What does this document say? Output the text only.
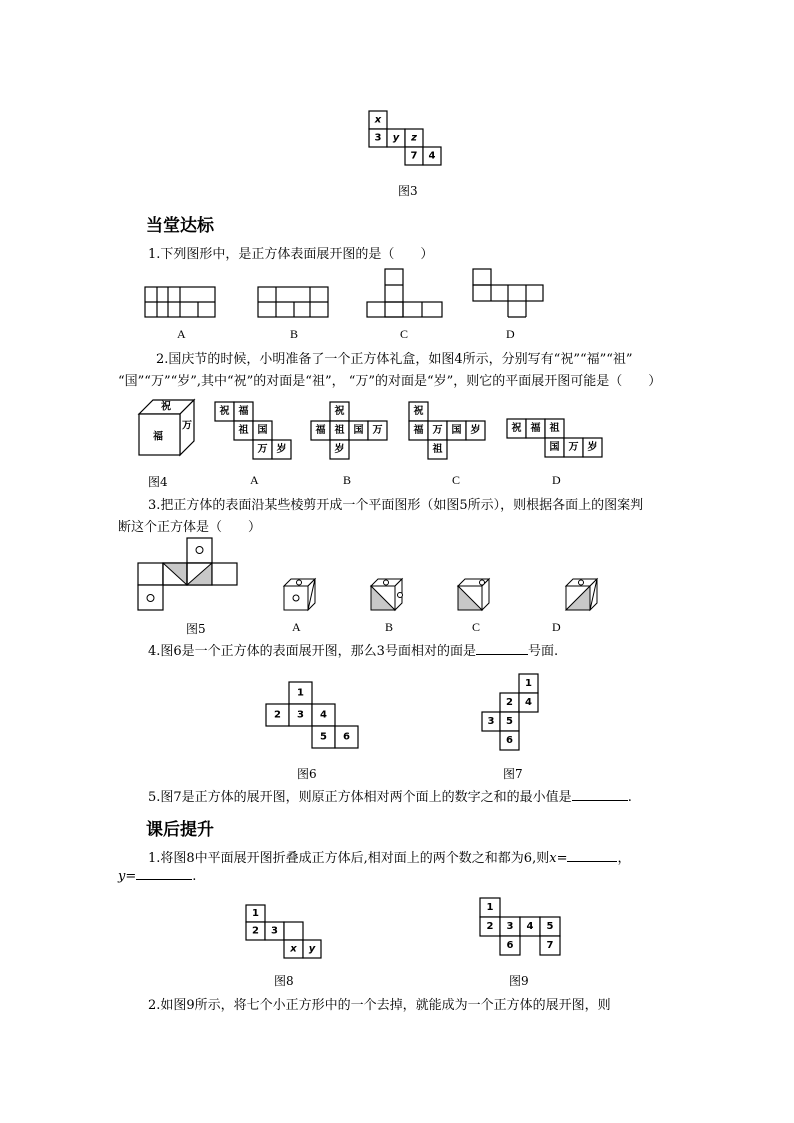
x
3 y z
7 4
图3
当堂达标
1.下列图形中，是正方体表面展开图的是（　　）
A	B	C	D
2.国庆节的时候，小明准备了一个正方体礼盒，如图4所示，分别写有“祝”“福”“祖”
“国”“万”“岁”,其中“祝”的对面是“祖”， “万”的对面是“岁”，则它的平面展开图可能是（　　）
祝
福
万
祝 福
祖 国
万 岁
祝
福 祖 国 万
岁
祝
福 万 国 岁
祖
祝 福 祖
国 万 岁
图4	A	B	C	D
3.把正方体的表面沿某些棱剪开成一个平面图形（如图5所示），则根据各面上的图案判
断这个正方体是（　　）
图5	A	B	C	D
4.图6是一个正方体的表面展开图，那么3号面相对的面是	号面.
1
2 3 4
5 6
1
2 4
3 5
6
图6	图7
5.图7是正方体的展开图，则原正方体相对两个面上的数字之和的最小值是	.
课后提升
1.将图8中平面展开图折叠成正方体后,相对面上的两个数之和都为6,则x=	，
y=	.
1
2 3
x y
1
2 3 4 5
6	7
图8	图9
2.如图9所示，将七个小正方形中的一个去掉，就能成为一个正方体的展开图，则
